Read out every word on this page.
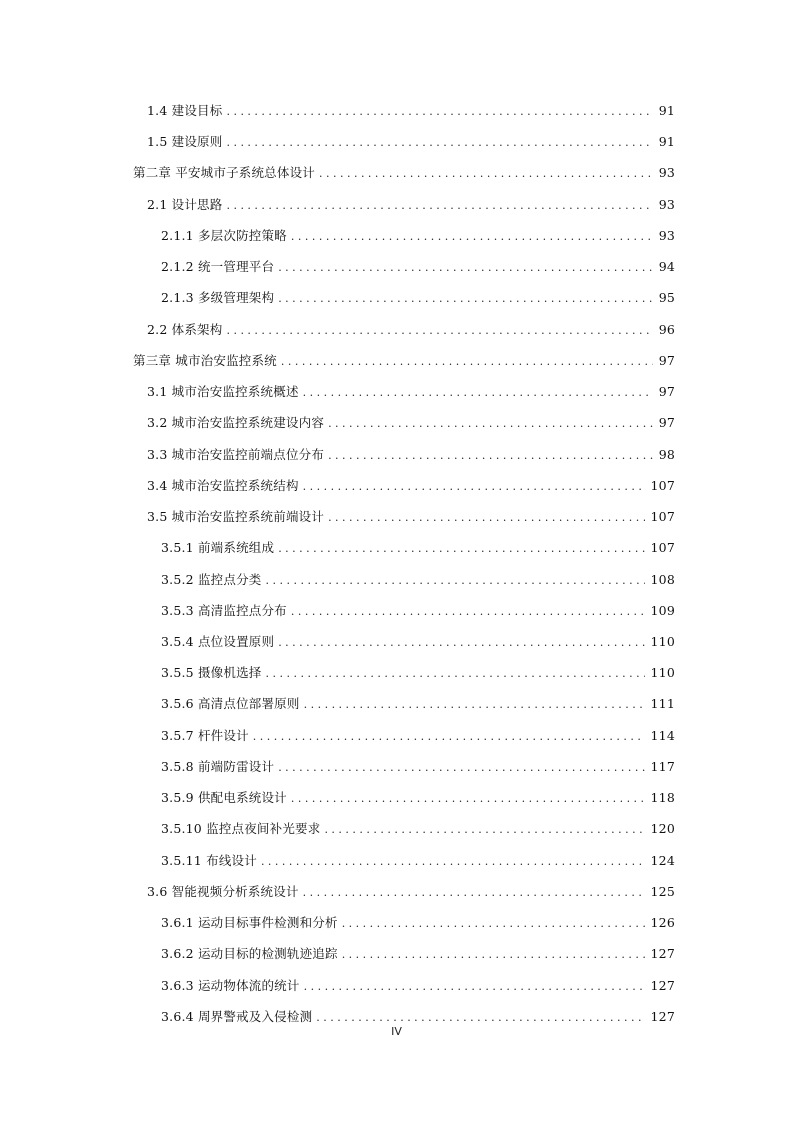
1.4 建设目标 . . .	91
1.5 建设原则 . . .	91
第二章 平安城市子系统总体设计 . . .	93
2.1 设计思路 . . .	93
2.1.1 多层次防控策略 . . .	93
2.1.2 统一管理平台 . . .	94
2.1.3 多级管理架构 . . .	95
2.2 体系架构 . . .	96
第三章 城市治安监控系统 . . .	97
3.1 城市治安监控系统概述 . . .	97
3.2 城市治安监控系统建设内容 . . .	97
3.3 城市治安监控前端点位分布 . . .	98
3.4 城市治安监控系统结构 . . .	107
3.5 城市治安监控系统前端设计 . . .	107
3.5.1 前端系统组成 . . .	107
3.5.2 监控点分类 . . .	108
3.5.3 高清监控点分布 . . .	109
3.5.4 点位设置原则 . . .	110
3.5.5 摄像机选择 . . .	110
3.5.6 高清点位部署原则 . . .	111
3.5.7 杆件设计 . . .	114
3.5.8 前端防雷设计 . . .	117
3.5.9 供配电系统设计 . . .	118
3.5.10 监控点夜间补光要求 . . .	120
3.5.11 布线设计 . . .	124
3.6 智能视频分析系统设计 . . .	125
3.6.1 运动目标事件检测和分析 . . .	126
3.6.2 运动目标的检测轨迹追踪 . . .	127
3.6.3 运动物体流的统计 . . .	127
3.6.4 周界警戒及入侵检测 . . .	127
IV
